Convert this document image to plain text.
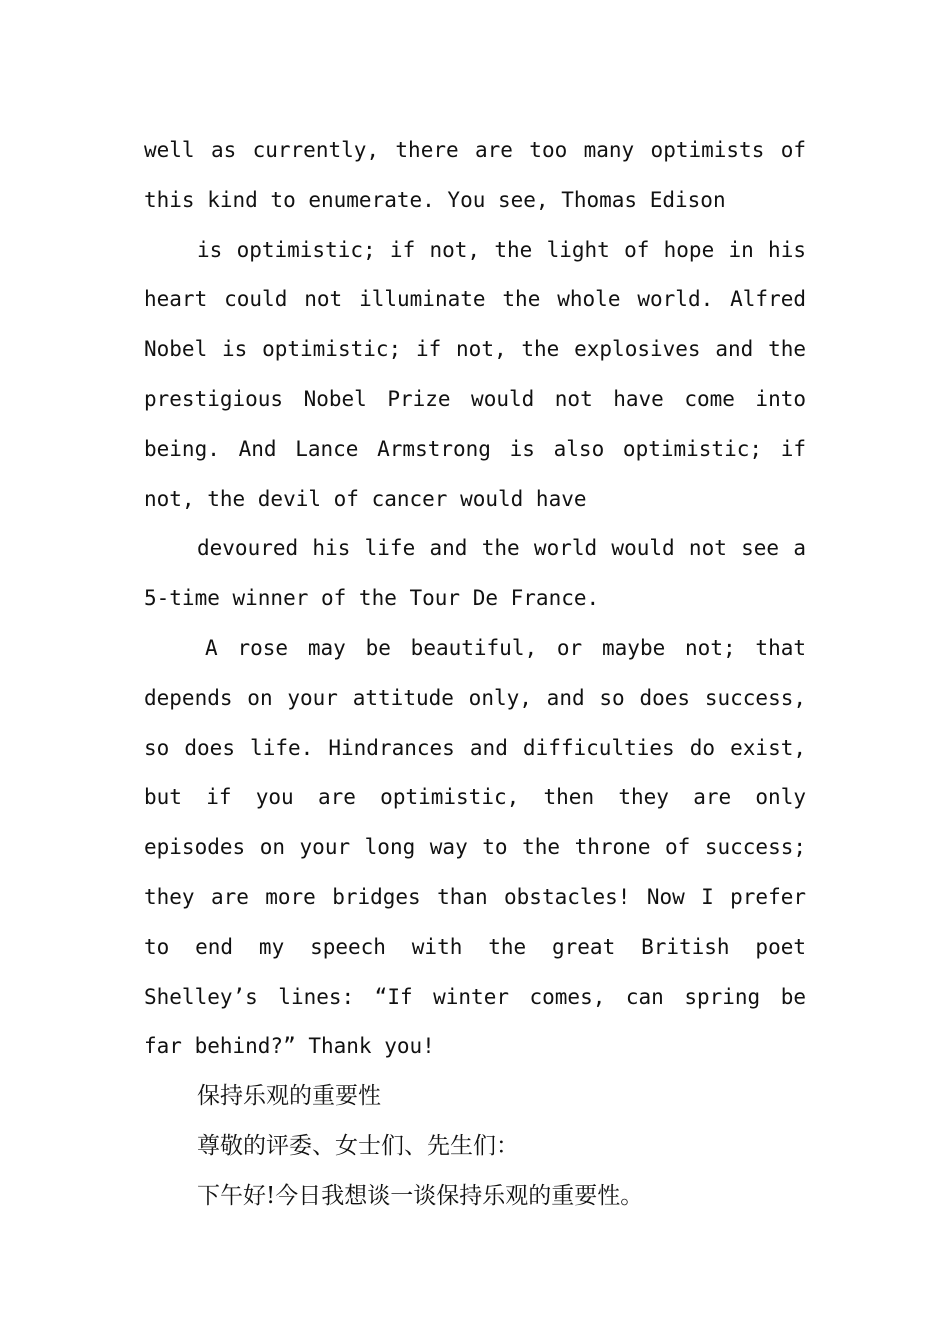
well as currently, there are too many optimists of
this kind to enumerate. You see, Thomas Edison
is optimistic; if not, the light of hope in his
heart could not illuminate the whole world. Alfred
Nobel is optimistic; if not, the explosives and the
prestigious Nobel Prize would not have come into
being. And Lance Armstrong is also optimistic; if
not, the devil of cancer would have
devoured his life and the world would not see a
5-time winner of the Tour De France.
A rose may be beautiful, or maybe not; that
depends on your attitude only, and so does success,
so does life. Hindrances and difficulties do exist,
but if you are optimistic, then they are only
episodes on your long way to the throne of success;
they are more bridges than obstacles! Now I prefer
to end my speech with the great British poet
Shelley’s lines: “If winter comes, can spring be
far behind?” Thank you!
保持乐观的重要性
尊敬的评委、女士们、先生们：
下午好!今日我想谈一谈保持乐观的重要性。
